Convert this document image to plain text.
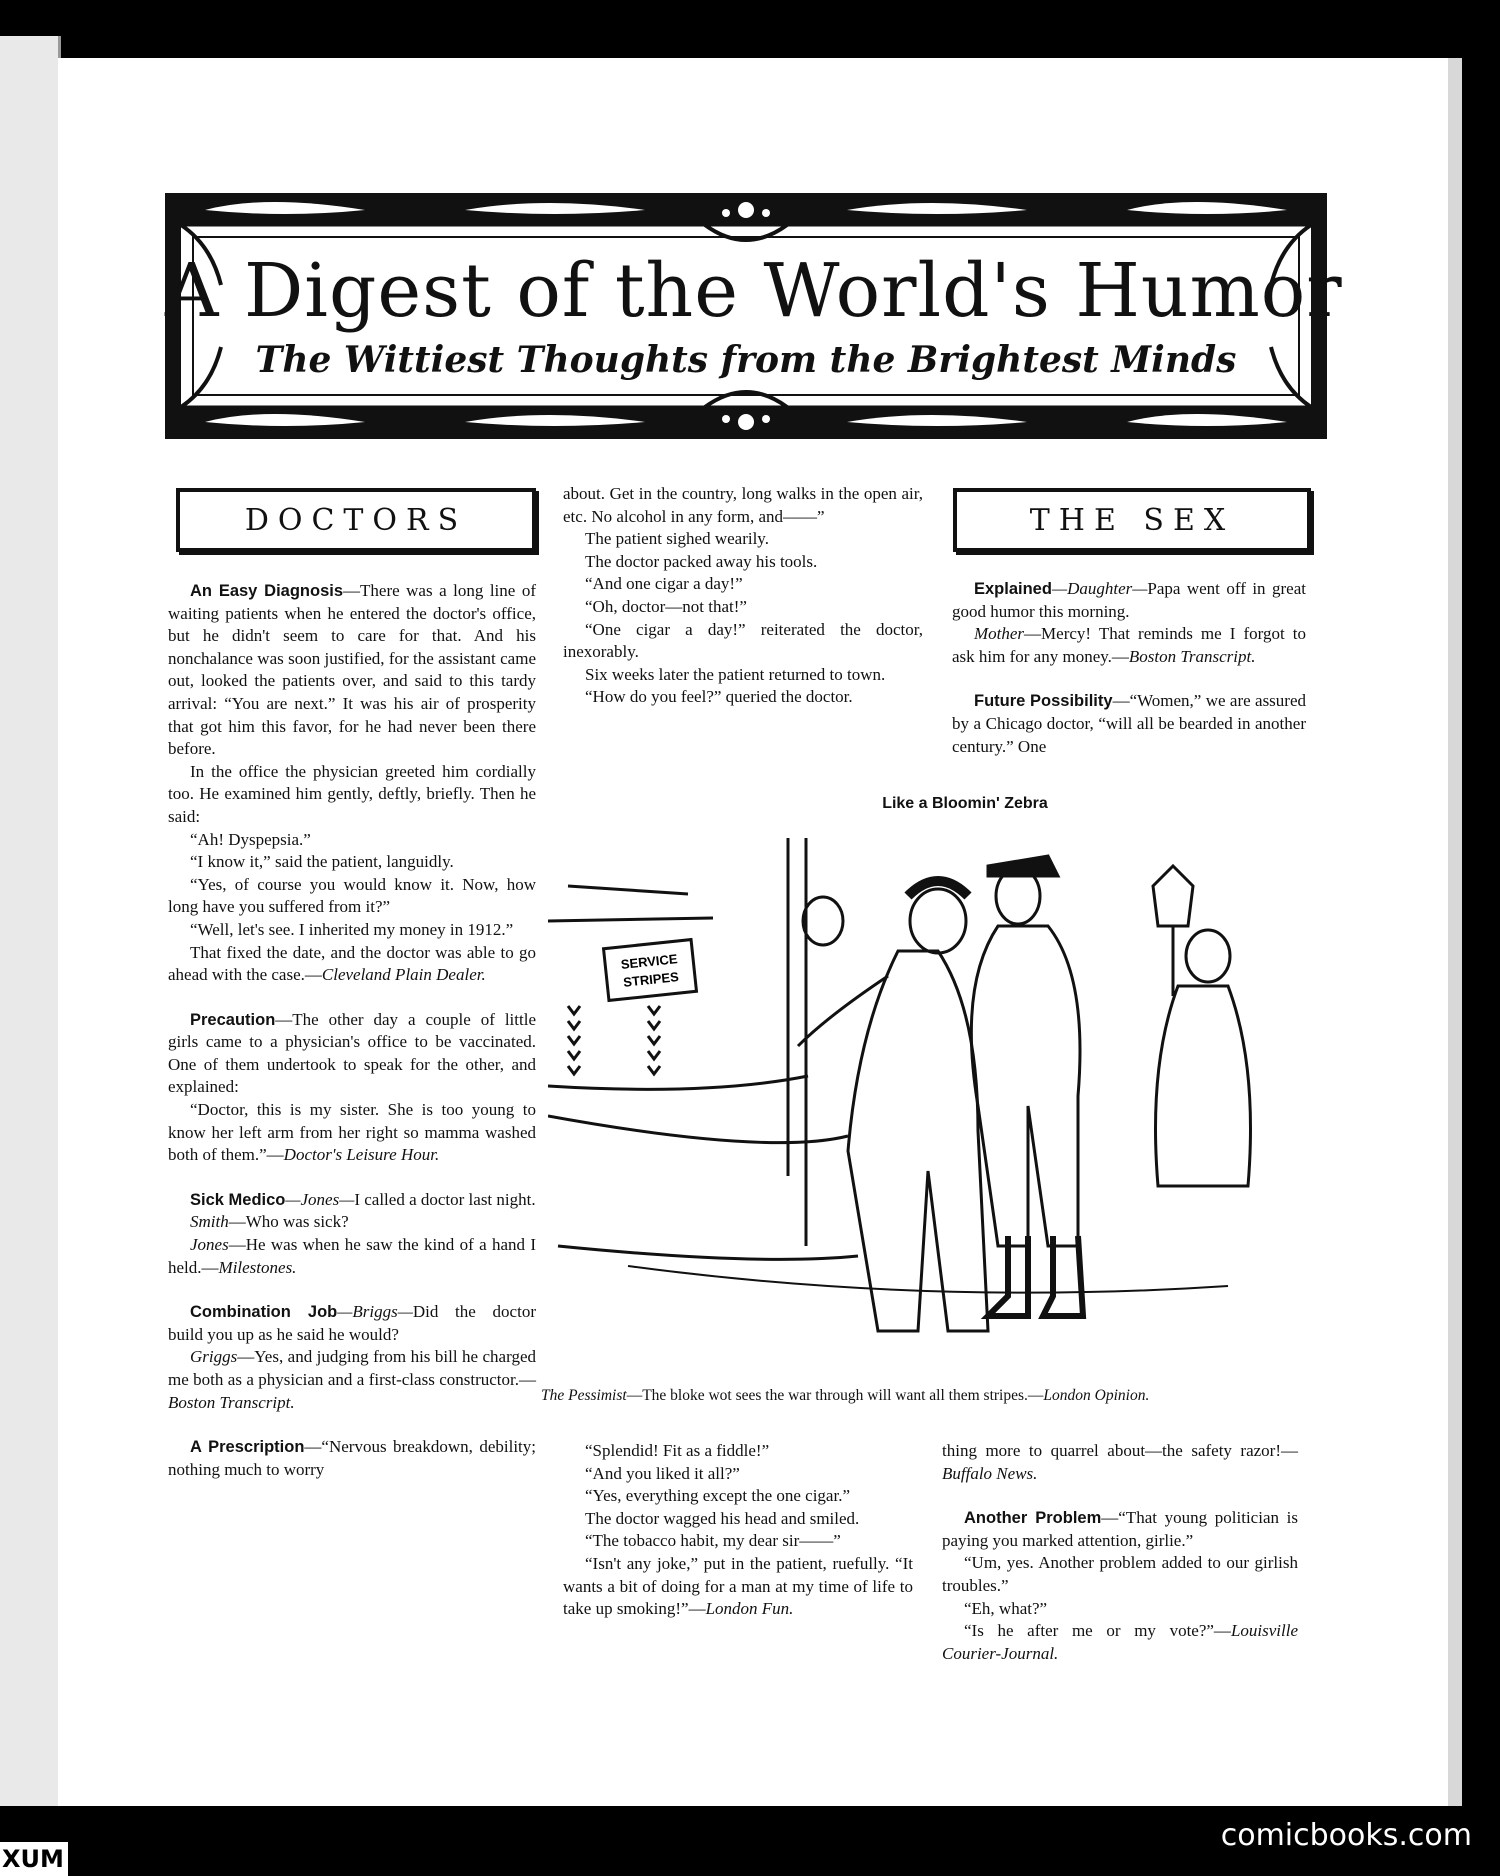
A Digest of the World's Humor
The Wittiest Thoughts from the Brightest Minds
DOCTORS

An Easy Diagnosis—There was a long line of waiting patients when he entered the doctor's office, but he didn't seem to care for that. And his nonchalance was soon justified, for the assistant came out, looked the patients over, and said to this tardy arrival: “You are next.” It was his air of prosperity that got him this favor, for he had never been there before.

In the office the physician greeted him cordially too. He examined him gently, deftly, briefly. Then he said:

“Ah! Dyspepsia.”

“I know it,” said the patient, languidly.

“Yes, of course you would know it. Now, how long have you suffered from it?”

“Well, let's see. I inherited my money in 1912.”

That fixed the date, and the doctor was able to go ahead with the case.—Cleveland Plain Dealer.

Precaution—The other day a couple of little girls came to a physician's office to be vaccinated. One of them undertook to speak for the other, and explained:

“Doctor, this is my sister. She is too young to know her left arm from her right so mamma washed both of them.”—Doctor's Leisure Hour.

Sick Medico—Jones—I called a doctor last night.

Smith—Who was sick?

Jones—He was when he saw the kind of a hand I held.—Milestones.

Combination Job—Briggs—Did the doctor build you up as he said he would?

Griggs—Yes, and judging from his bill he charged me both as a physician and a first-class constructor.—Boston Transcript.

A Prescription—“Nervous breakdown, debility; nothing much to worry

about. Get in the country, long walks in the open air, etc. No alcohol in any form, and——”

The patient sighed wearily.

The doctor packed away his tools.

“And one cigar a day!”

“Oh, doctor—not that!”

“One cigar a day!” reiterated the doctor, inexorably.

Six weeks later the patient returned to town.

“How do you feel?” queried the doctor.

THE SEX

Explained—Daughter—Papa went off in great good humor this morning.

Mother—Mercy! That reminds me I forgot to ask him for any money.—Boston Transcript.

Future Possibility—“Women,” we are assured by a Chicago doctor, “will all be bearded in another century.” One

Like a Bloomin' Zebra
SERVICE
STRIPES
The Pessimist—The bloke wot sees the war through will want all them stripes.—London Opinion.

“Splendid! Fit as a fiddle!”

“And you liked it all?”

“Yes, everything except the one cigar.”

The doctor wagged his head and smiled.

“The tobacco habit, my dear sir——”

“Isn't any joke,” put in the patient, ruefully. “It wants a bit of doing for a man at my time of life to take up smoking!”—London Fun.

thing more to quarrel about—the safety razor!—Buffalo News.

Another Problem—“That young politician is paying you marked attention, girlie.”

“Um, yes. Another problem added to our girlish troubles.”

“Eh, what?”

“Is he after me or my vote?”—Louisville Courier-Journal.

XUM
comicbooks.com
